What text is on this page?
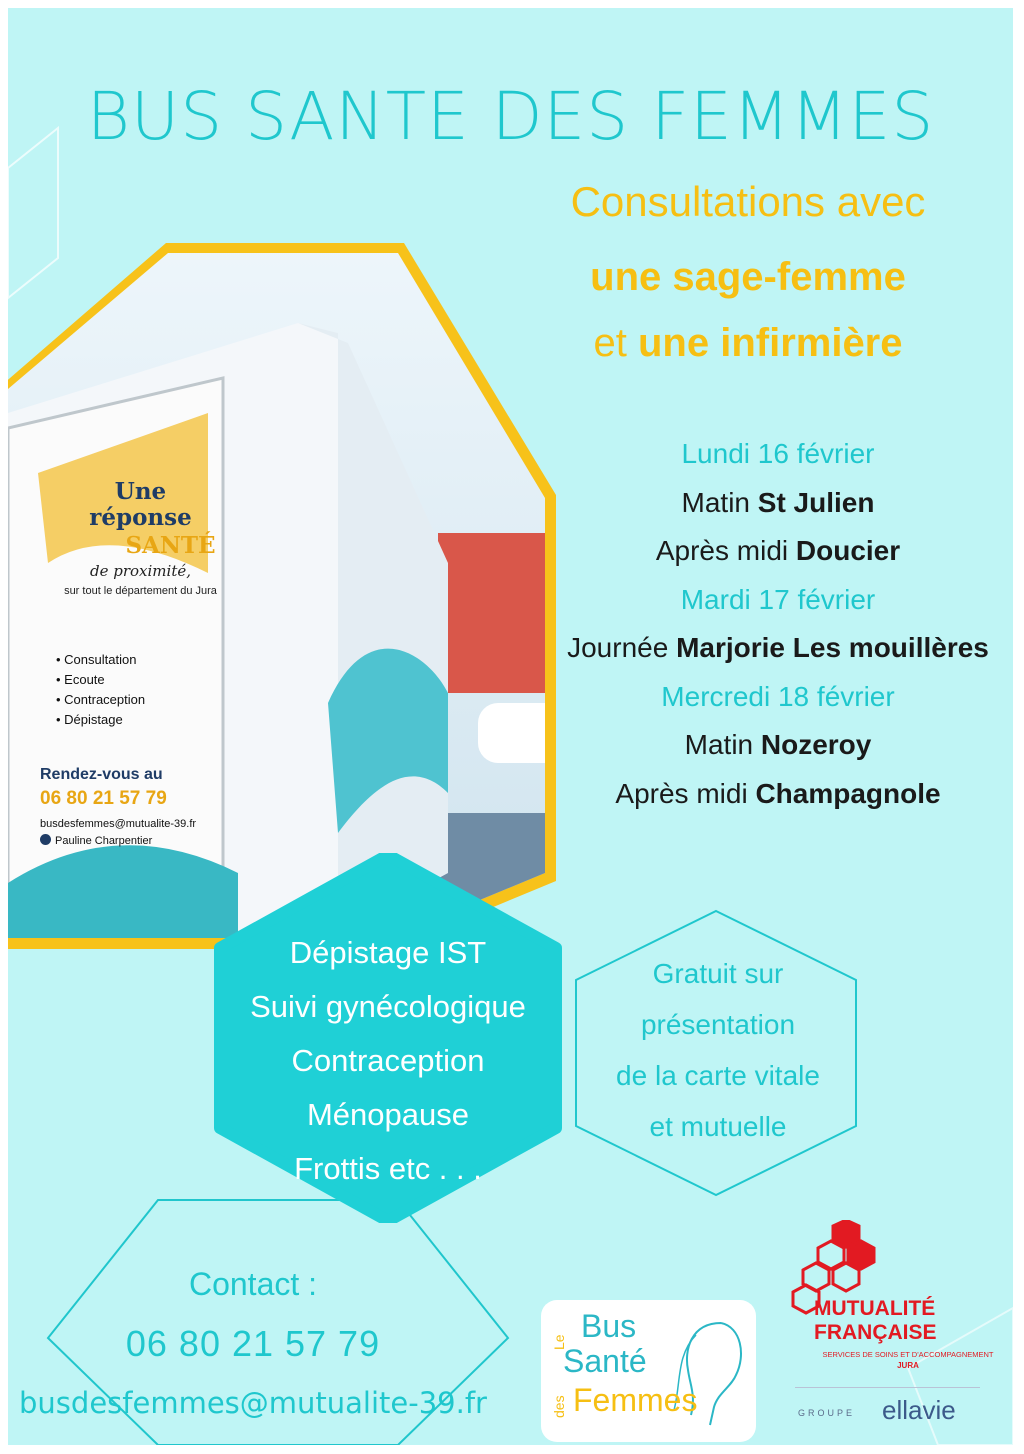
Une
réponse
SANTÉ
de proximité,
sur tout le département du Jura
• Consultation
• Ecoute
• Contraception
• Dépistage
Rendez-vous au
06 80 21 57 79
busdesfemmes@mutualite-39.fr
Pauline Charpentier
BUS SANTE DES FEMMES
Consultations avec
une sage-femme
et une infirmière
Lundi 16 février
Matin St Julien
Après midi Doucier
Mardi 17 février
Journée Marjorie Les mouillères
Mercredi 18 février
Matin Nozeroy
Après midi Champagnole
Dépistage IST
Suivi gynécologique
Contraception
Ménopause
Frottis etc . . .
Gratuit sur
présentation
de la carte vitale
et mutuelle
Contact :
06 80 21 57 79
busdesfemmes@mutualite-39.fr
Le Bus
Santé
des Femmes
MUTUALITÉ
FRANÇAISE
SERVICES DE SOINS ET D'ACCOMPAGNEMENT
JURA
GROUPE ellavie
